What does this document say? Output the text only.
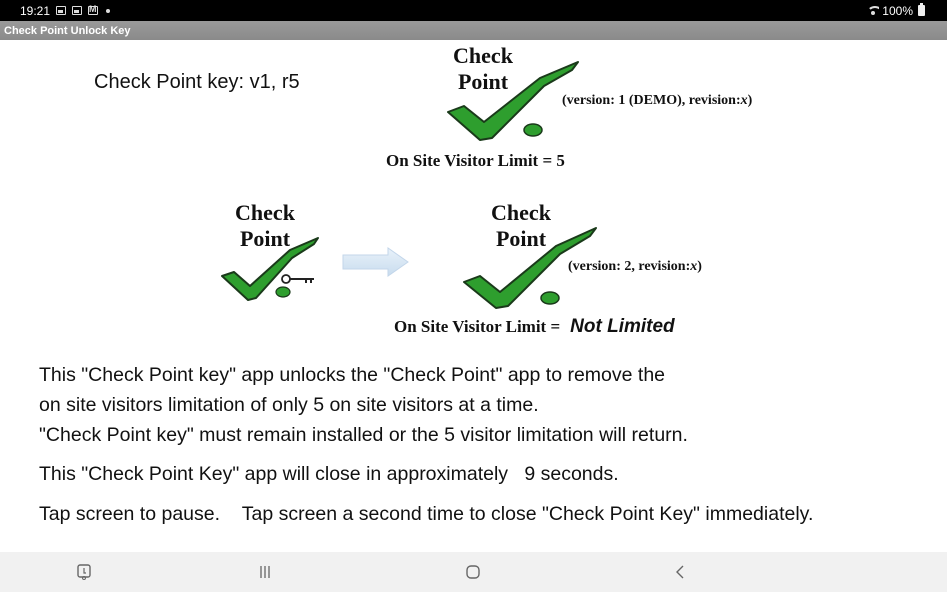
19:21 M	100%
Check Point Unlock Key
Check Point key: v1, r5
Check
Point
(version: 1 (DEMO), revision:x)
On Site Visitor Limit = 5
Check
Point
Check
Point
(version: 2, revision:x)
On Site Visitor Limit = Not Limited
This "Check Point key" app unlocks the "Check Point" app to remove the
on site visitors limitation of only 5 on site visitors at a time.
"Check Point key" must remain installed or the 5 visitor limitation will return.
This "Check Point Key" app will close in approximately 9 seconds.
Tap screen to pause. Tap screen a second time to close "Check Point Key" immediately.
